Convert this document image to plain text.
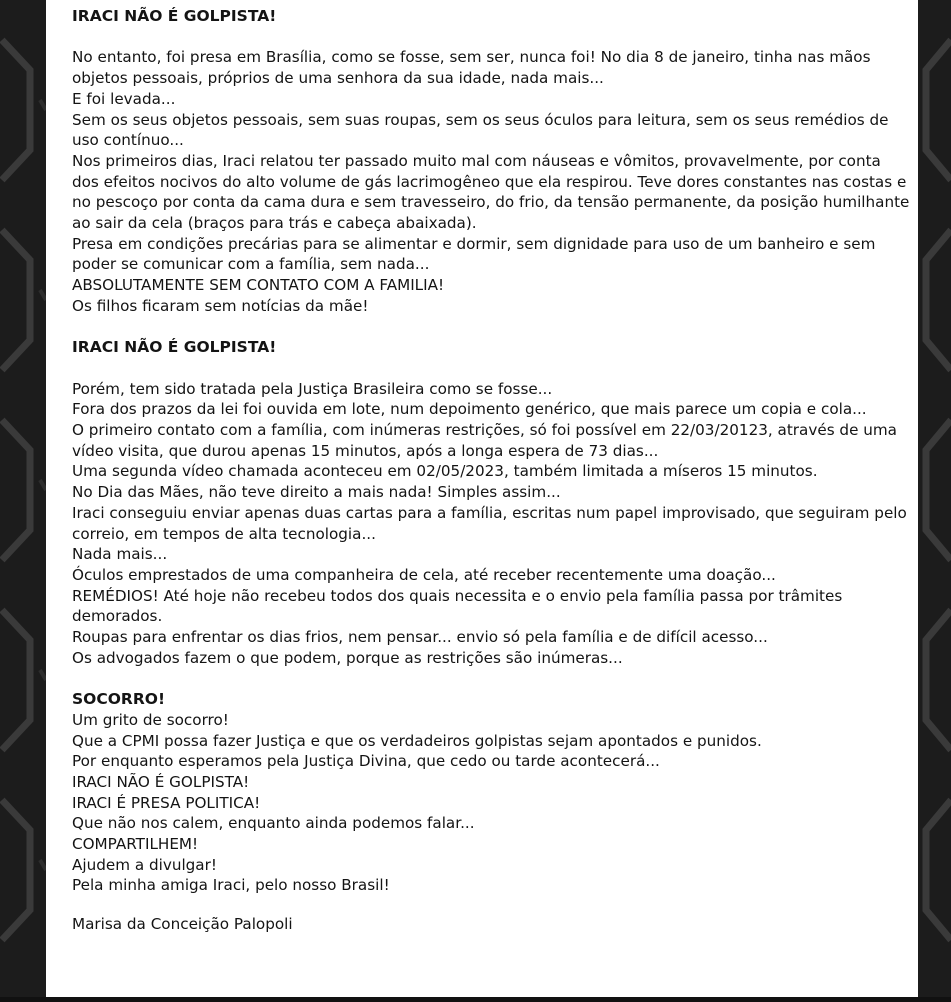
IRACI NÃO É GOLPISTA!

No entanto, foi presa em Brasília, como se fosse, sem ser, nunca foi! No dia 8 de janeiro, tinha nas mãos objetos pessoais, próprios de uma senhora da sua idade, nada mais...

E foi levada...

Sem os seus objetos pessoais, sem suas roupas, sem os seus óculos para leitura, sem os seus remédios de uso contínuo...

Nos primeiros dias, Iraci relatou ter passado muito mal com náuseas e vômitos, provavelmente, por conta dos efeitos nocivos do alto volume de gás lacrimogêneo que ela respirou. Teve dores constantes nas costas e no pescoço por conta da cama dura e sem travesseiro, do frio, da tensão permanente, da posição humilhante ao sair da cela (braços para trás e cabeça abaixada).

Presa em condições precárias para se alimentar e dormir, sem dignidade para uso de um banheiro e sem poder se comunicar com a família, sem nada...

ABSOLUTAMENTE SEM CONTATO COM A FAMILIA!

Os filhos ficaram sem notícias da mãe!

IRACI NÃO É GOLPISTA!

Porém, tem sido tratada pela Justiça Brasileira como se fosse...

Fora dos prazos da lei foi ouvida em lote, num depoimento genérico, que mais parece um copia e cola...

O primeiro contato com a família, com inúmeras restrições, só foi possível em 22/03/20123, através de uma vídeo visita, que durou apenas 15 minutos, após a longa espera de 73 dias...

Uma segunda vídeo chamada aconteceu em 02/05/2023, também limitada a míseros 15 minutos.

No Dia das Mães, não teve direito a mais nada! Simples assim...

Iraci conseguiu enviar apenas duas cartas para a família, escritas num papel improvisado, que seguiram pelo correio, em tempos de alta tecnologia...

Nada mais...

Óculos emprestados de uma companheira de cela, até receber recentemente uma doação...

REMÉDIOS! Até hoje não recebeu todos dos quais necessita e o envio pela família passa por trâmites demorados.

Roupas para enfrentar os dias frios, nem pensar... envio só pela família e de difícil acesso...

Os advogados fazem o que podem, porque as restrições são inúmeras...

SOCORRO!

Um grito de socorro!

Que a CPMI possa fazer Justiça e que os verdadeiros golpistas sejam apontados e punidos.

Por enquanto esperamos pela Justiça Divina, que cedo ou tarde acontecerá...

IRACI NÃO É GOLPISTA!

IRACI É PRESA POLITICA!

Que não nos calem, enquanto ainda podemos falar...

COMPARTILHEM!

Ajudem a divulgar!

Pela minha amiga Iraci, pelo nosso Brasil!

Marisa da Conceição Palopoli
